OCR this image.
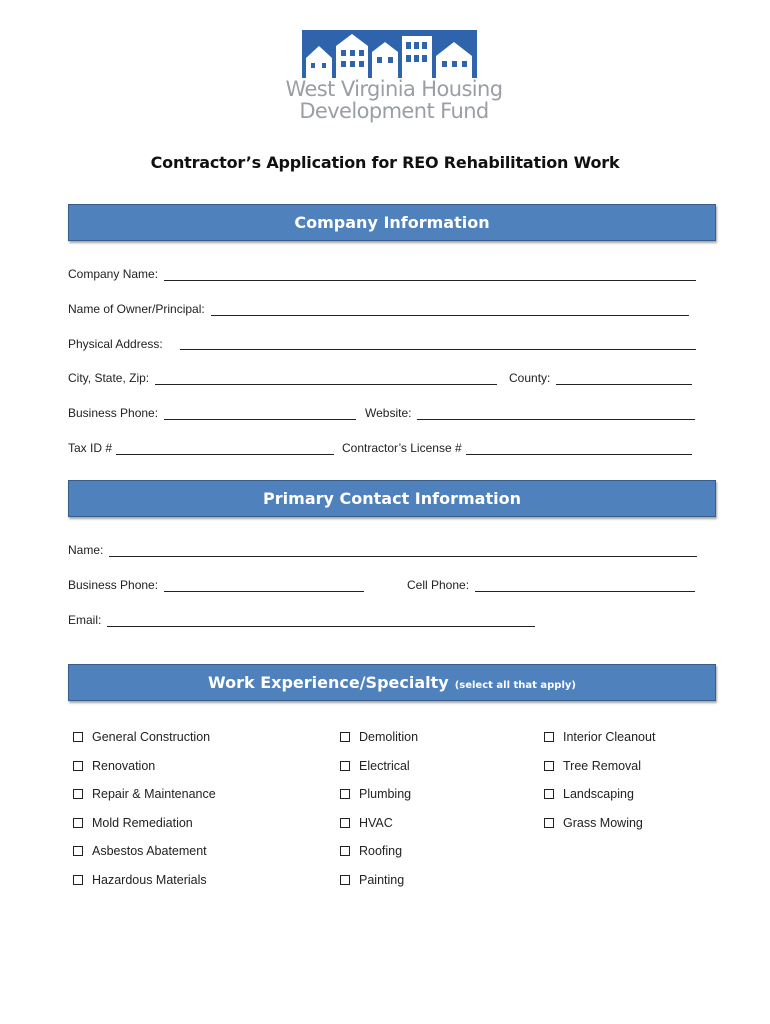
West Virginia Housing
Development Fund
Contractor’s Application for REO Rehabilitation Work
Company Information
Company Name:
Name of Owner/Principal:
Physical Address:
City, State, Zip:	County:
Business Phone:	Website:
Tax ID #	Contractor’s License #
Primary Contact Information
Name:
Business Phone:	Cell Phone:
Email:
Work Experience/Specialty (select all that apply)
General Construction
Renovation
Repair & Maintenance
Mold Remediation
Asbestos Abatement
Hazardous Materials
Demolition
Electrical
Plumbing
HVAC
Roofing
Painting
Interior Cleanout
Tree Removal
Landscaping
Grass Mowing
